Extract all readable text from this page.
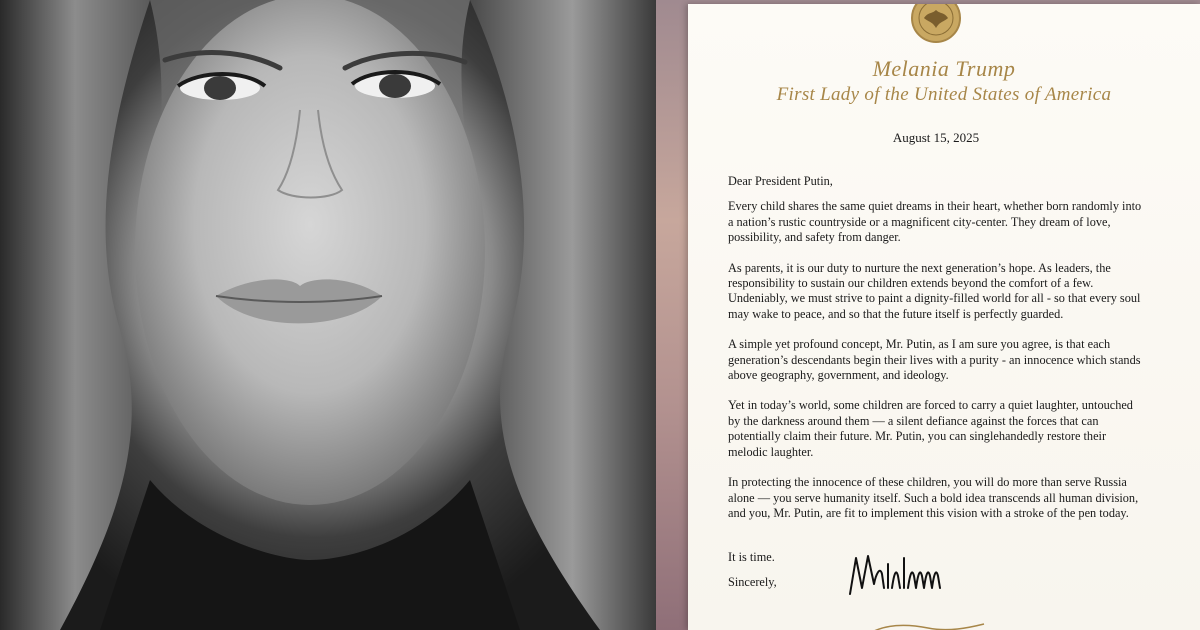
Melania Trump
First Lady of the United States of America
August 15, 2025

Dear President Putin,

Every child shares the same quiet dreams in their heart, whether born randomly into a nation’s rustic countryside or a magnificent city-center. They dream of love, possibility, and safety from danger.

As parents, it is our duty to nurture the next generation’s hope. As leaders, the responsibility to sustain our children extends beyond the comfort of a few. Undeniably, we must strive to paint a dignity-filled world for all - so that every soul may wake to peace, and so that the future itself is perfectly guarded.

A simple yet profound concept, Mr. Putin, as I am sure you agree, is that each generation’s descendants begin their lives with a purity - an innocence which stands above geography, government, and ideology.

Yet in today’s world, some children are forced to carry a quiet laughter, untouched by the darkness around them — a silent defiance against the forces that can potentially claim their future. Mr. Putin, you can singlehandedly restore their melodic laughter.

In protecting the innocence of these children, you will do more than serve Russia alone — you serve humanity itself. Such a bold idea transcends all human division, and you, Mr. Putin, are fit to implement this vision with a stroke of the pen today.

It is time.
Sincerely,
